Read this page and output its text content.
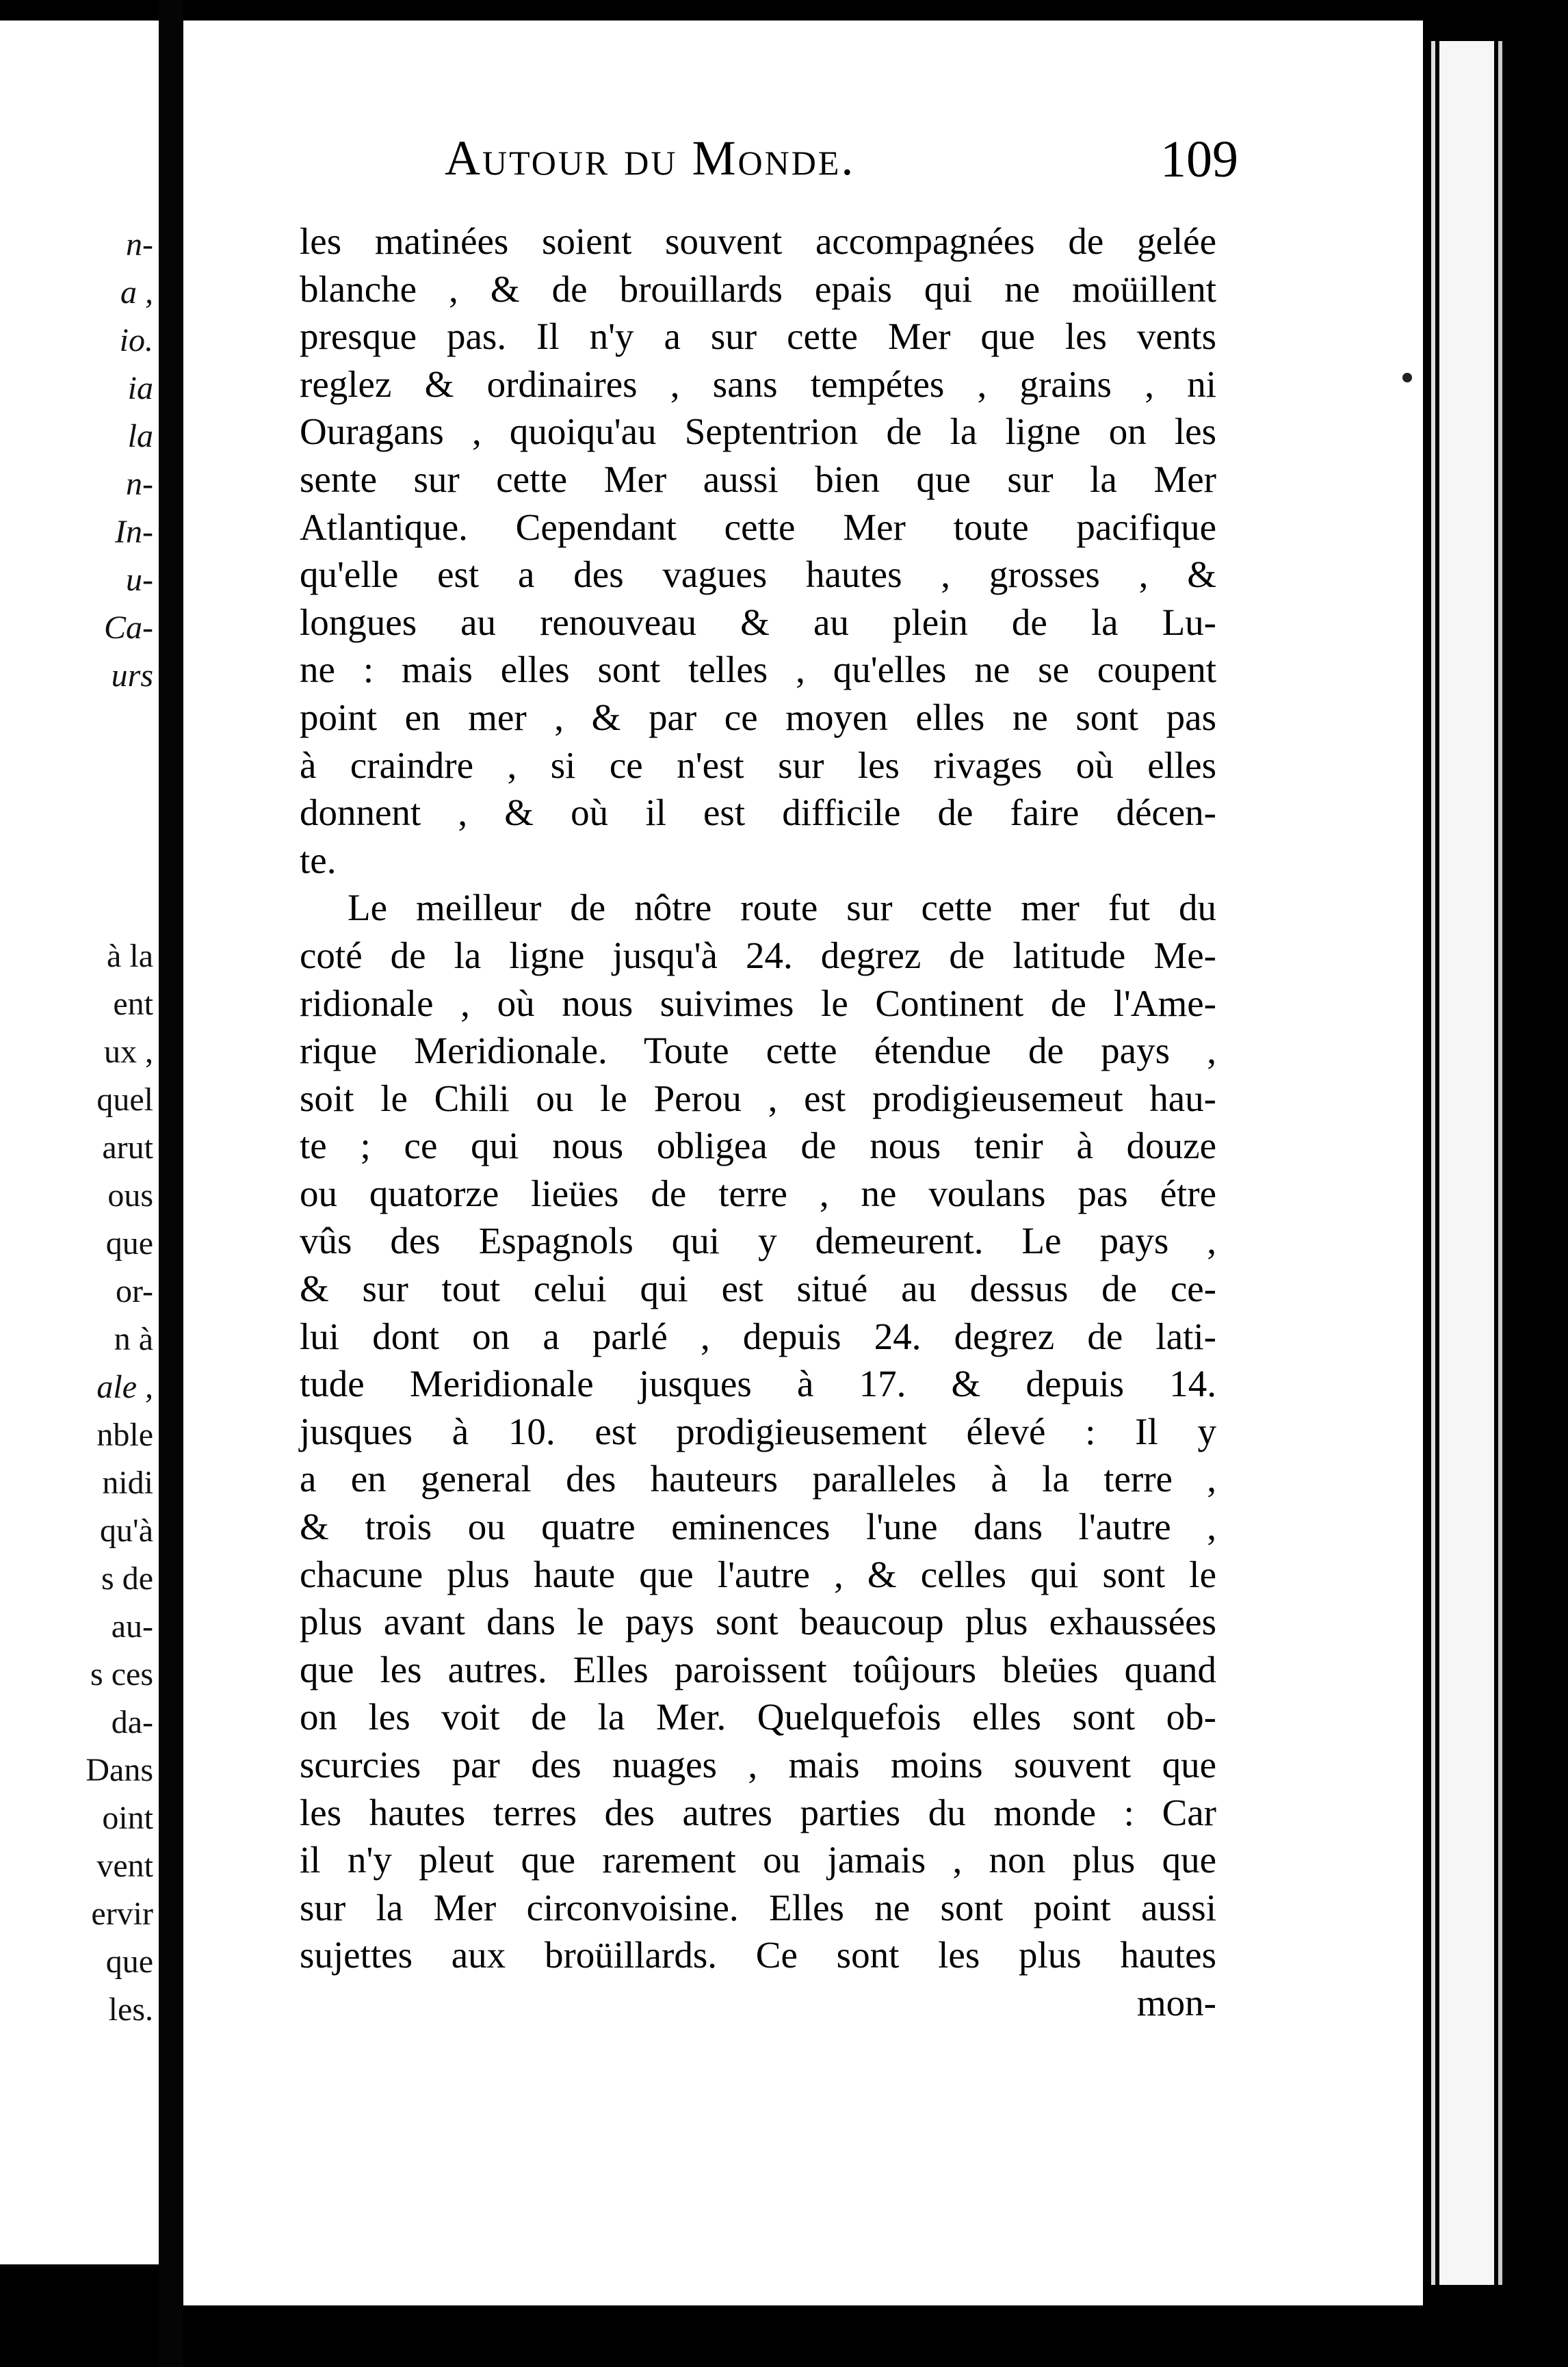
n-
a ,
io.
ia
la
n-
In-
u-
Ca-
urs
à la
ent
ux ,
quel
arut
ous
que
or-
n à
ale ,
nble
nidi
qu'à
s de
au-
s ces
da-
Dans
oint
vent
ervir
que
les.
Autour du Monde.	109
les matinées soient souvent accompagnées de gelée
blanche , & de brouillards epais qui ne moüillent
presque pas. Il n'y a sur cette Mer que les vents
reglez & ordinaires , sans tempétes , grains , ni
Ouragans , quoiqu'au Septentrion de la ligne on les
sente sur cette Mer aussi bien que sur la Mer
Atlantique. Cependant cette Mer toute pacifique
qu'elle est a des vagues hautes , grosses , &
longues au renouveau & au plein de la Lu-
ne : mais elles sont telles , qu'elles ne se coupent
point en mer , & par ce moyen elles ne sont pas
à craindre , si ce n'est sur les rivages où elles
donnent , & où il est difficile de faire décen-
te.
Le meilleur de nôtre route sur cette mer fut du
coté de la ligne jusqu'à 24. degrez de latitude Me-
ridionale , où nous suivimes le Continent de l'Ame-
rique Meridionale. Toute cette étendue de pays ,
soit le Chili ou le Perou , est prodigieusemeut hau-
te ; ce qui nous obligea de nous tenir à douze
ou quatorze lieües de terre , ne voulans pas étre
vûs des Espagnols qui y demeurent. Le pays ,
& sur tout celui qui est situé au dessus de ce-
lui dont on a parlé , depuis 24. degrez de lati-
tude Meridionale jusques à 17. & depuis 14.
jusques à 10. est prodigieusement élevé : Il y
a en general des hauteurs paralleles à la terre ,
& trois ou quatre eminences l'une dans l'autre ,
chacune plus haute que l'autre , & celles qui sont le
plus avant dans le pays sont beaucoup plus exhaussées
que les autres. Elles paroissent toûjours bleües quand
on les voit de la Mer. Quelquefois elles sont ob-
scurcies par des nuages , mais moins souvent que
les hautes terres des autres parties du monde : Car
il n'y pleut que rarement ou jamais , non plus que
sur la Mer circonvoisine. Elles ne sont point aussi
sujettes aux broüillards. Ce sont les plus hautes
mon-
